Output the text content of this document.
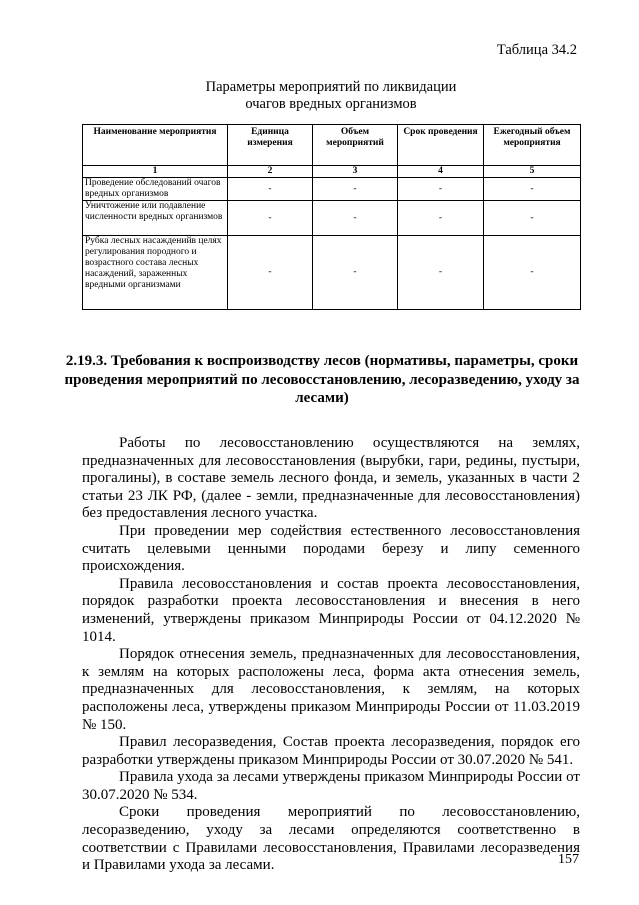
Таблица 34.2
Параметры мероприятий по ликвидации
очагов вредных организмов
Наименование мероприятия	Единица измерения	Объем мероприятий	Срок проведения	Ежегодный объем мероприятия
1	2	3	4	5
Проведение обследований очагов вредных организмов	-	-	-	-
Уничтожение или подавление численности вредных организмов	-	-	-	-
Рубка лесных насажденийв целях регулирования породного и возрастного состава лесных насаждений, зараженных вредными организмами	-	-	-	-
2.19.3. Требования к воспроизводству лесов (нормативы, параметры, сроки проведения мероприятий по лесовосстановлению, лесоразведению, уходу за лесами)

Работы по лесовосстановлению осуществляются на землях, предназначенных для лесовосстановления (вырубки, гари, редины, пустыри, прогалины), в составе земель лесного фонда, и земель, указанных в части 2 статьи 23 ЛК РФ, (далее - земли, предназначенные для лесовосстановления) без предоставления лесного участка.

При проведении мер содействия естественного лесовосстановления считать целевыми ценными породами березу и липу семенного происхождения.

Правила лесовосстановления и состав проекта лесовосстановления, порядок разработки проекта лесовосстановления и внесения в него изменений, утверждены приказом Минприроды России от 04.12.2020 № 1014.

Порядок отнесения земель, предназначенных для лесовосстановления, к землям на которых расположены леса, форма акта отнесения земель, предназначенных для лесовосстановления, к землям, на которых расположены леса, утверждены приказом Минприроды России от 11.03.2019 № 150.

Правил лесоразведения, Состав проекта лесоразведения, порядок его разработки утверждены приказом Минприроды России от 30.07.2020 № 541.

Правила ухода за лесами утверждены приказом Минприроды России от 30.07.2020 № 534.

Сроки проведения мероприятий по лесовосстановлению, лесоразведению, уходу за лесами определяются соответственно в соответствии с Правилами лесовосстановления, Правилами лесоразведения и Правилами ухода за лесами.	157
